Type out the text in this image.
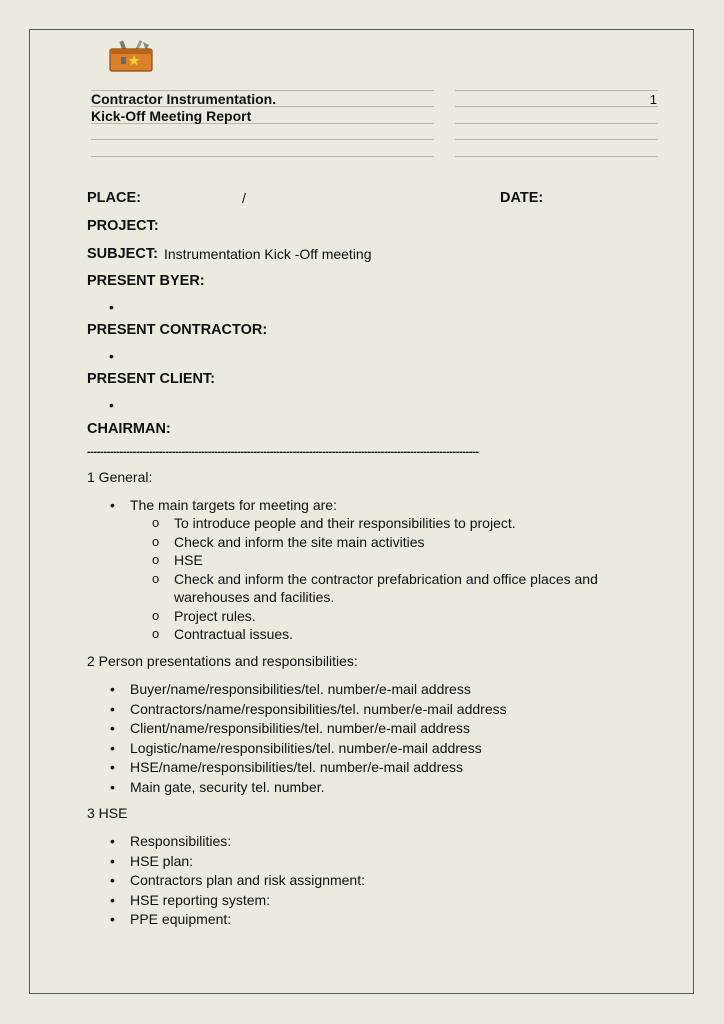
Contractor Instrumentation.
Kick-Off Meeting Report
1
PLACE:	/	DATE:
PROJECT:
SUBJECT: Instrumentation Kick -Off meeting
PRESENT BYER:
•
PRESENT CONTRACTOR:
•
PRESENT CLIENT:
•
CHAIRMAN:
------------------------------------------------------------------------------------------------------------------------
1 General:
• The main targets for meeting are:
o To introduce people and their responsibilities to project.
o Check and inform the site main activities
o HSE
o Check and inform the contractor prefabrication and office places and warehouses and facilities.
o Project rules.
o Contractual issues.
2 Person presentations and responsibilities:
• Buyer/name/responsibilities/tel. number/e-mail address
• Contractors/name/responsibilities/tel. number/e-mail address
• Client/name/responsibilities/tel. number/e-mail address
• Logistic/name/responsibilities/tel. number/e-mail address
• HSE/name/responsibilities/tel. number/e-mail address
• Main gate, security tel. number.
3 HSE
• Responsibilities:
• HSE plan:
• Contractors plan and risk assignment:
• HSE reporting system:
• PPE equipment:
